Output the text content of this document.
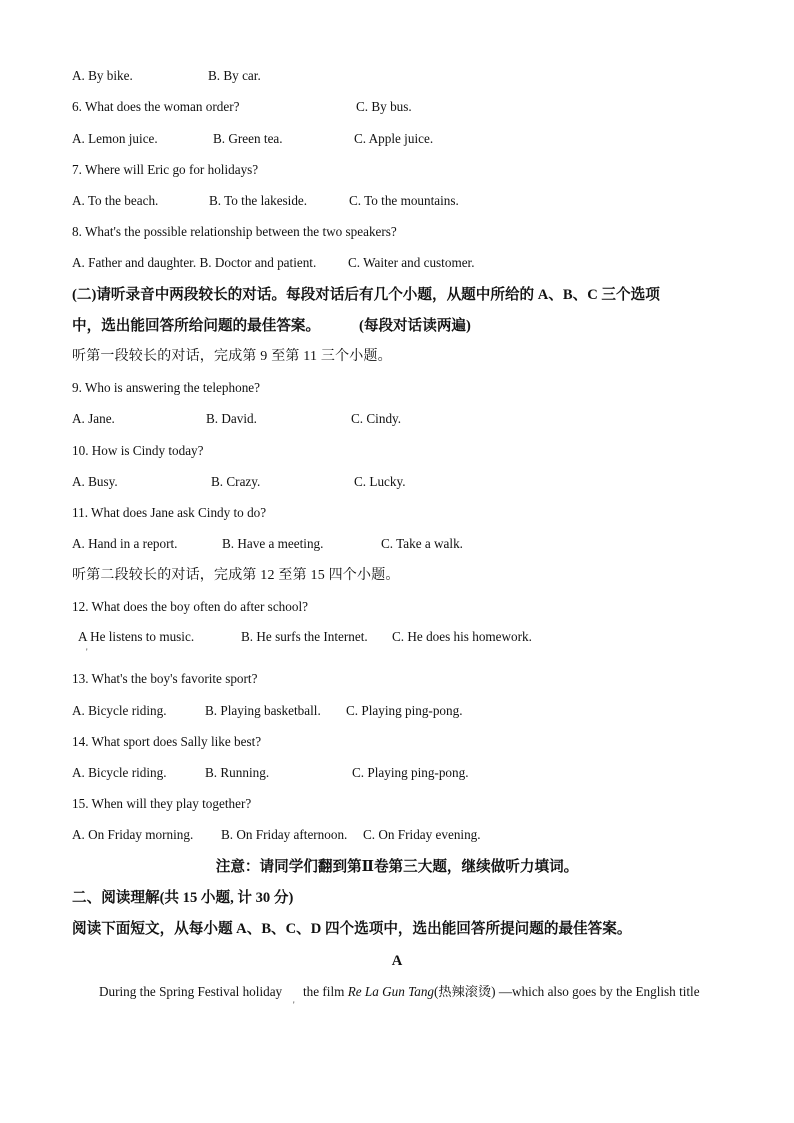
A. By bike.	B. By car.
6. What does the woman order?	C. By bus.
A. Lemon juice.	B. Green tea.	C. Apple juice.
7. Where will Eric go for holidays?
A. To the beach.	B. To the lakeside.	C. To the mountains.
8. What's the possible relationship between the two speakers?
A. Father and daughter. B. Doctor and patient. C. Waiter and customer.
(二)请听录音中两段较长的对话。每段对话后有几个小题，从题中所给的 A、B、C 三个选项
中，选出能回答所给问题的最佳答案。	(每段对话读两遍)
听第一段较长的对话，完成第 9 至第 11 三个小题。
9. Who is answering the telephone?
A. Jane.	B. David.	C. Cindy.
10. How is Cindy today?
A. Busy.	B. Crazy.	C. Lucky.
11. What does Jane ask Cindy to do?
A. Hand in a report.	B. Have a meeting.	C. Take a walk.
听第二段较长的对话，完成第 12 至第 15 四个小题。
12. What does the boy often do after school?
A He listens to music.	B. He surfs the Internet. C. He does his homework.
'
13. What's the boy's favorite sport?
A. Bicycle riding.	B. Playing basketball. C. Playing ping-pong.
14. What sport does Sally like best?
A. Bicycle riding.	B. Running.	C. Playing ping-pong.
15. When will they play together?
A. On Friday morning. B. On Friday afternoon. C. On Friday evening.
注意：请同学们翻到第Ⅱ卷第三大题，继续做听力填词。
二、阅读理解(共 15 小题, 计 30 分)
阅读下面短文，从每小题 A、B、C、D 四个选项中，选出能回答所提问题的最佳答案。
A
During the Spring Festival holiday the film Re La Gun Tang(热辣滚烫) —which also goes by the English title
'
